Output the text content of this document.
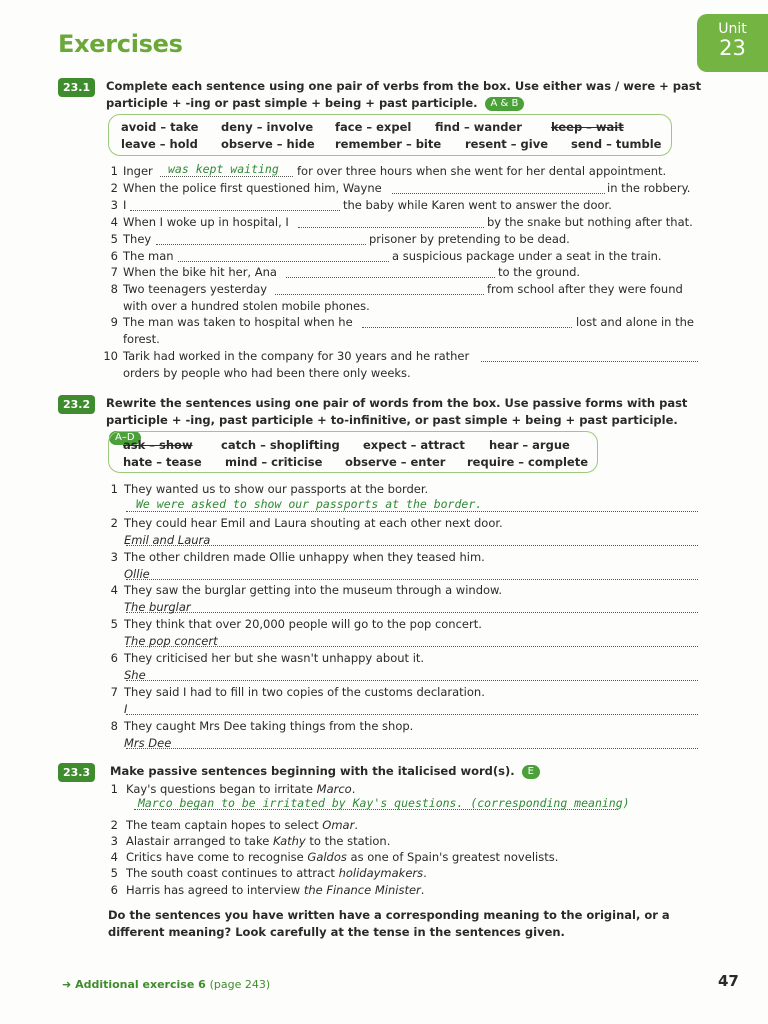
Exercises
Unit
23
23.1	Complete each sentence using one pair of verbs from the box. Use either was / were + past participle + -ing or past simple + being + past participle. A & B
avoid – take deny – involve face – expel find – wander	keep – wait
leave – hold observe – hide remember – bite resent – give send – tumble
1 Inger was kept waiting for over three hours when she went for her dental appointment.
2 When the police first questioned him, Wayne	in the robbery.
3 I	the baby while Karen went to answer the door.
4 When I woke up in hospital, I	by the snake but nothing after that.
5 They	prisoner by pretending to be dead.
6 The man	a suspicious package under a seat in the train.
7 When the bike hit her, Ana	to the ground.
8 Two teenagers yesterday	from school after they were found
with over a hundred stolen mobile phones.
9 The man was taken to hospital when he	lost and alone in the
forest.
10 Tarik had worked in the company for 30 years and he rather
orders by people who had been there only weeks.
23.2	Rewrite the sentences using one pair of words from the box. Use passive forms with past participle + -ing, past participle + to-infinitive, or past simple + being + past participle. A–D
ask – show catch – shoplifting expect – attract hear – argue
hate – tease mind – criticise observe – enter require – complete
1 They wanted us to show our passports at the border.
We were asked to show our passports at the border.
2 They could hear Emil and Laura shouting at each other next door.
Emil and Laura
3 The other children made Ollie unhappy when they teased him.
Ollie
4 They saw the burglar getting into the museum through a window.
The burglar
5 They think that over 20,000 people will go to the pop concert.
The pop concert
6 They criticised her but she wasn't unhappy about it.
She
7 They said I had to fill in two copies of the customs declaration.
I
8 They caught Mrs Dee taking things from the shop.
Mrs Dee
23.3	Make passive sentences beginning with the italicised word(s). E
1 Kay's questions began to irritate Marco.
2 The team captain hopes to select Omar.
3 Alastair arranged to take Kathy to the station.
4 Critics have come to recognise Galdos as one of Spain's greatest novelists.
5 The south coast continues to attract holidaymakers.
6 Harris has agreed to interview the Finance Minister.
Marco began to be irritated by Kay's questions. (corresponding meaning)
Do the sentences you have written have a corresponding meaning to the original, or a different meaning? Look carefully at the tense in the sentences given.
➜ Additional exercise 6 (page 243)	47
